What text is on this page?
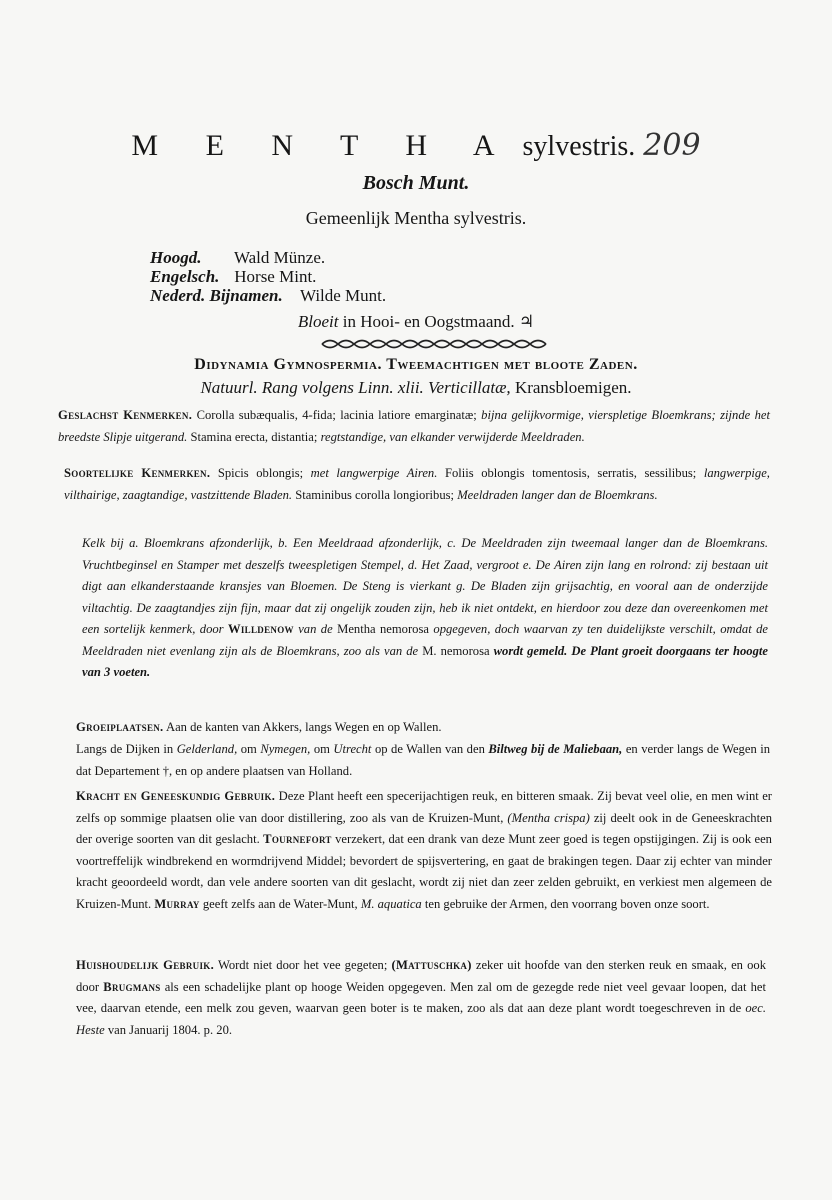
M E N T H A sylvestris. 209
Bosch Munt.
Gemeenlijk Mentha sylvestris.
Hoogd. Wald Münze.
Engelsch. Horse Mint.
Nederd. Bijnamen. Wilde Munt.
Bloeit in Hooi- en Oogstmaand. ♃
Didynamia Gymnospermia. Tweemachtigen met bloote Zaden.
Natuurl. Rang volgens Linn. xlii. Verticillatæ, Kransbloemigen.
Geslachst Kenmerken. Corolla subæqualis, 4-fida; lacinia latiore emarginatæ; bijna gelijkvormige, vierspletige Bloemkrans; zijnde het breedste Slipje uitgerand. Stamina erecta, distantia; regtstandige, van elkander verwijderde Meeldraden.
Soortelijke Kenmerken. Spicis oblongis; met langwerpige Airen. Foliis oblongis tomentosis, serratis, sessilibus; langwerpige, vilthairige, zaagtandige, vastzittende Bladen. Staminibus corolla longioribus; Meeldraden langer dan de Bloemkrans.
Kelk bij a. Bloemkrans afzonderlijk, b. Een Meeldraad afzonderlijk, c. De Meeldraden zijn tweemaal langer dan de Bloemkrans. Vruchtbeginsel en Stamper met deszelfs tweespletigen Stempel, d. Het Zaad, vergroot e. De Airen zijn lang en rolrond: zij bestaan uit digt aan elkanderstaande kransjes van Bloemen. De Steng is vierkant g. De Bladen zijn grijsachtig, en vooral aan de onderzijde viltachtig. De zaagtandjes zijn fijn, maar dat zij ongelijk zouden zijn, heb ik niet ontdekt, en hierdoor zou deze dan overeenkomen met een sortelijk kenmerk, door Willdenow van de Mentha nemorosa opgegeven, doch waarvan zy ten duidelijkste verschilt, omdat de Meeldraden niet evenlang zijn als de Bloemkrans, zoo als van de M. nemorosa wordt gemeld. De Plant groeit doorgaans ter hoogte van 3 voeten.
Groeiplaatsen. Aan de kanten van Akkers, langs Wegen en op Wallen.
Langs de Dijken in Gelderland, om Nymegen, om Utrecht op de Wallen van den Biltweg bij de Maliebaan, en verder langs de Wegen in dat Departement †, en op andere plaatsen van Holland.
Kracht en Geneeskundig Gebruik. Deze Plant heeft een specerijachtigen reuk, en bitteren smaak. Zij bevat veel olie, en men wint er zelfs op sommige plaatsen olie van door distillering, zoo als van de Kruizen-Munt, (Mentha crispa) zij deelt ook in de Geneeskrachten der overige soorten van dit geslacht. Tournefort verzekert, dat een drank van deze Munt zeer goed is tegen opstijgingen. Zij is ook een voortreffelijk windbrekend en wormdrijvend Middel; bevordert de spijsvertering, en gaat de brakingen tegen. Daar zij echter van minder kracht geoordeeld wordt, dan vele andere soorten van dit geslacht, wordt zij niet dan zeer zelden gebruikt, en verkiest men algemeen de Kruizen-Munt. Murray geeft zelfs aan de Water-Munt, M. aquatica ten gebruike der Armen, den voorrang boven onze soort.
Huishoudelijk Gebruik. Wordt niet door het vee gegeten; (Mattuschka) zeker uit hoofde van den sterken reuk en smaak, en ook door Brugmans als een schadelijke plant op hooge Weiden opgegeven. Men zal om de gezegde rede niet veel gevaar loopen, dat het vee, daarvan etende, een melk zou geven, waarvan geen boter is te maken, zoo als dat aan deze plant wordt toegeschreven in de oec. Heste van Januarij 1804. p. 20.
